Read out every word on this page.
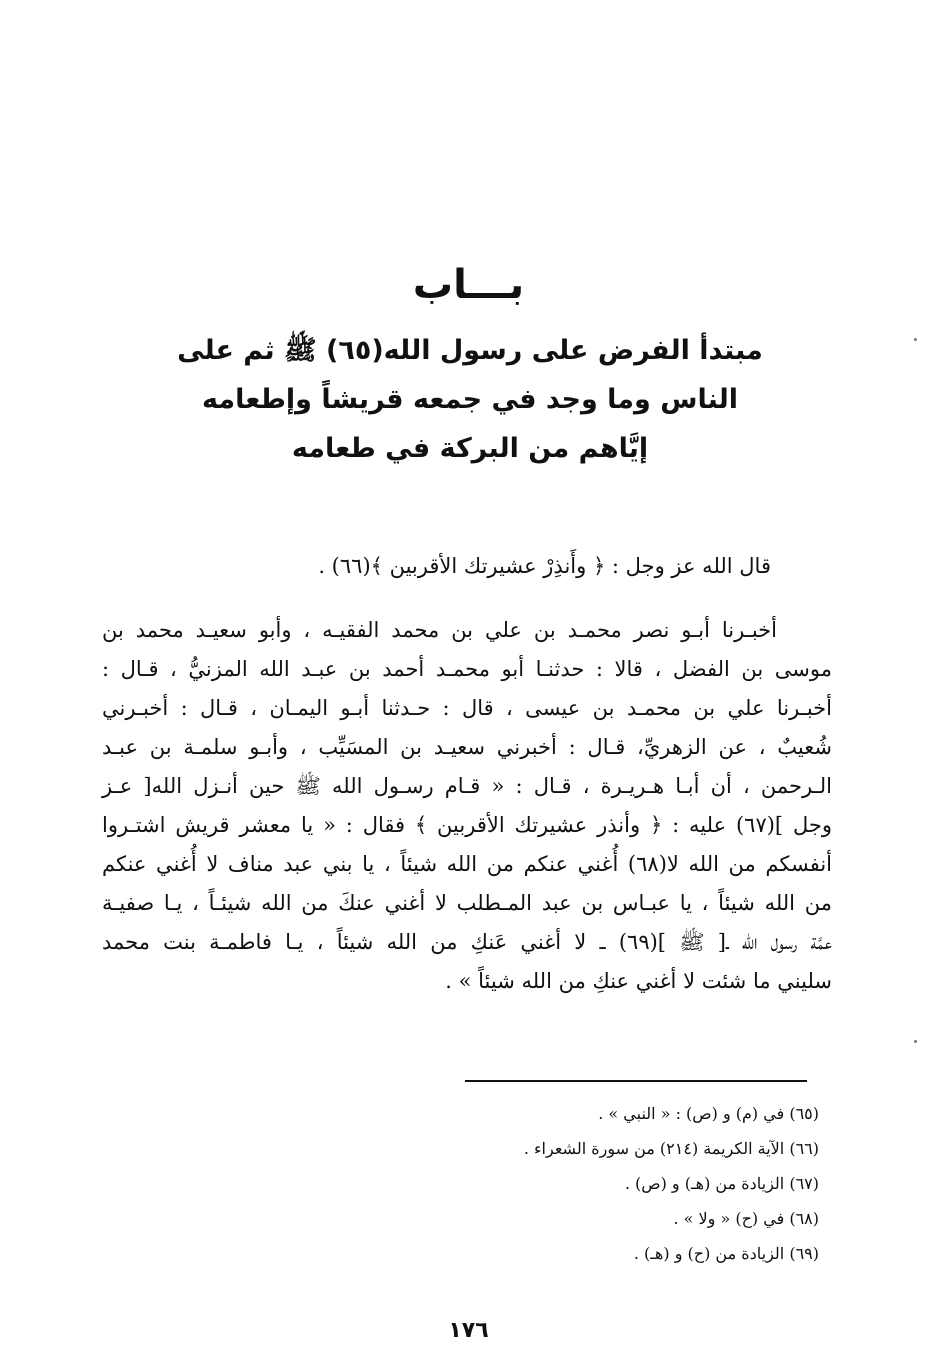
بـــاب
مبتدأ الفرض على رسول الله(٦٥) ﷺ ثم على
الناس وما وجد في جمعه قريشاً وإطعامه
إيَّاهم من البركة في طعامه
قال الله عز وجل : ﴿ وأَنذِرْ عشيرتك الأقربين ﴾(٦٦) .
أخبـرنا أبـو نصر محمـد بن علي بن محمد الفقيـه ، وأبو سعيـد محمد بن
موسى بن الفضل ، قالا : حدثنـا أبو محمـد أحمد بن عبـد الله المزنيُّ ، قـال :
أخبـرنا علي بن محمـد بن عيسى ، قال : حـدثنا أبـو اليمـان ، قـال : أخبـرني
شُعيبٌ ، عن الزهريِّ، قـال : أخبرني سعيـد بن المسَيِّب ، وأبـو سلمـة بن عبـد
الـرحمن ، أن أبـا هـريـرة ، قـال : « قـام رسـول الله ﷺ حين أنـزل الله[ عـز
وجل ](٦٧) عليه : ﴿ وأنذر عشيرتك الأقربين ﴾ فقال : « يا معشر قريش اشتـروا
أنفسكم من الله لا(٦٨) أُغني عنكم من الله شيئاً ، يا بني عبد مناف لا أُغني عنكم
من الله شيئاً ، يا عبـاس بن عبد المـطلب لا أغني عنكَ من الله شيئـاً ، يـا صفيـة
عمَّة رسول الله ـ[ ﷺ ](٦٩) ـ لا أغني عَنكِ من الله شيئاً ، يـا فاطمـة بنت محمد
سليني ما شئت لا أغني عنكِ من الله شيئاً » .
(٦٥) في (م) و (ص) : « النبي » .
(٦٦) الآية الكريمة (٢١٤) من سورة الشعراء .
(٦٧) الزيادة من (هـ) و (ص) .
(٦٨) في (ح) « ولا » .
(٦٩) الزيادة من (ح) و (هـ) .
١٧٦
